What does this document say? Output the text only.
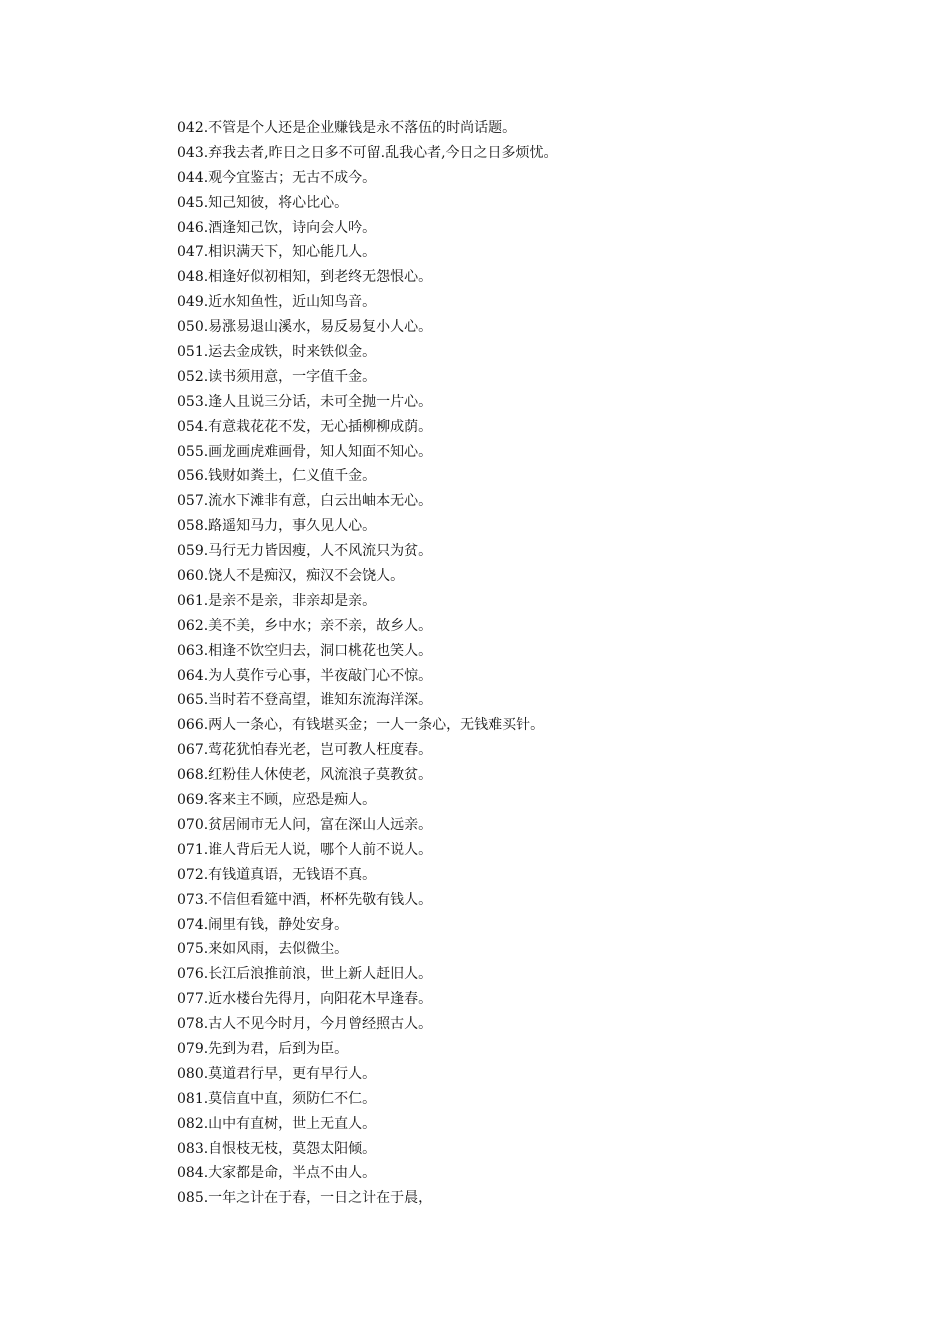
042.不管是个人还是企业赚钱是永不落伍的时尚话题。
043.弃我去者,昨日之日多不可留.乱我心者,今日之日多烦忧。
044.观今宜鉴古；无古不成今。
045.知己知彼，将心比心。
046.酒逢知己饮，诗向会人吟。
047.相识满天下，知心能几人。
048.相逢好似初相知，到老终无怨恨心。
049.近水知鱼性，近山知鸟音。
050.易涨易退山溪水，易反易复小人心。
051.运去金成铁，时来铁似金。
052.读书须用意，一字值千金。
053.逢人且说三分话，未可全抛一片心。
054.有意栽花花不发，无心插柳柳成荫。
055.画龙画虎难画骨，知人知面不知心。
056.钱财如粪土，仁义值千金。
057.流水下滩非有意，白云出岫本无心。
058.路遥知马力，事久见人心。
059.马行无力皆因瘦，人不风流只为贫。
060.饶人不是痴汉，痴汉不会饶人。
061.是亲不是亲，非亲却是亲。
062.美不美，乡中水；亲不亲，故乡人。
063.相逢不饮空归去，洞口桃花也笑人。
064.为人莫作亏心事，半夜敲门心不惊。
065.当时若不登高望，谁知东流海洋深。
066.两人一条心，有钱堪买金；一人一条心，无钱难买针。
067.莺花犹怕春光老，岂可教人枉度春。
068.红粉佳人休使老，风流浪子莫教贫。
069.客来主不顾，应恐是痴人。
070.贫居闹市无人问，富在深山人远亲。
071.谁人背后无人说，哪个人前不说人。
072.有钱道真语，无钱语不真。
073.不信但看筵中酒，杯杯先敬有钱人。
074.闹里有钱，静处安身。
075.来如风雨，去似微尘。
076.长江后浪推前浪，世上新人赶旧人。
077.近水楼台先得月，向阳花木早逢春。
078.古人不见今时月，今月曾经照古人。
079.先到为君，后到为臣。
080.莫道君行早，更有早行人。
081.莫信直中直，须防仁不仁。
082.山中有直树，世上无直人。
083.自恨枝无枝，莫怨太阳倾。
084.大家都是命，半点不由人。
085.一年之计在于春，一日之计在于晨，
